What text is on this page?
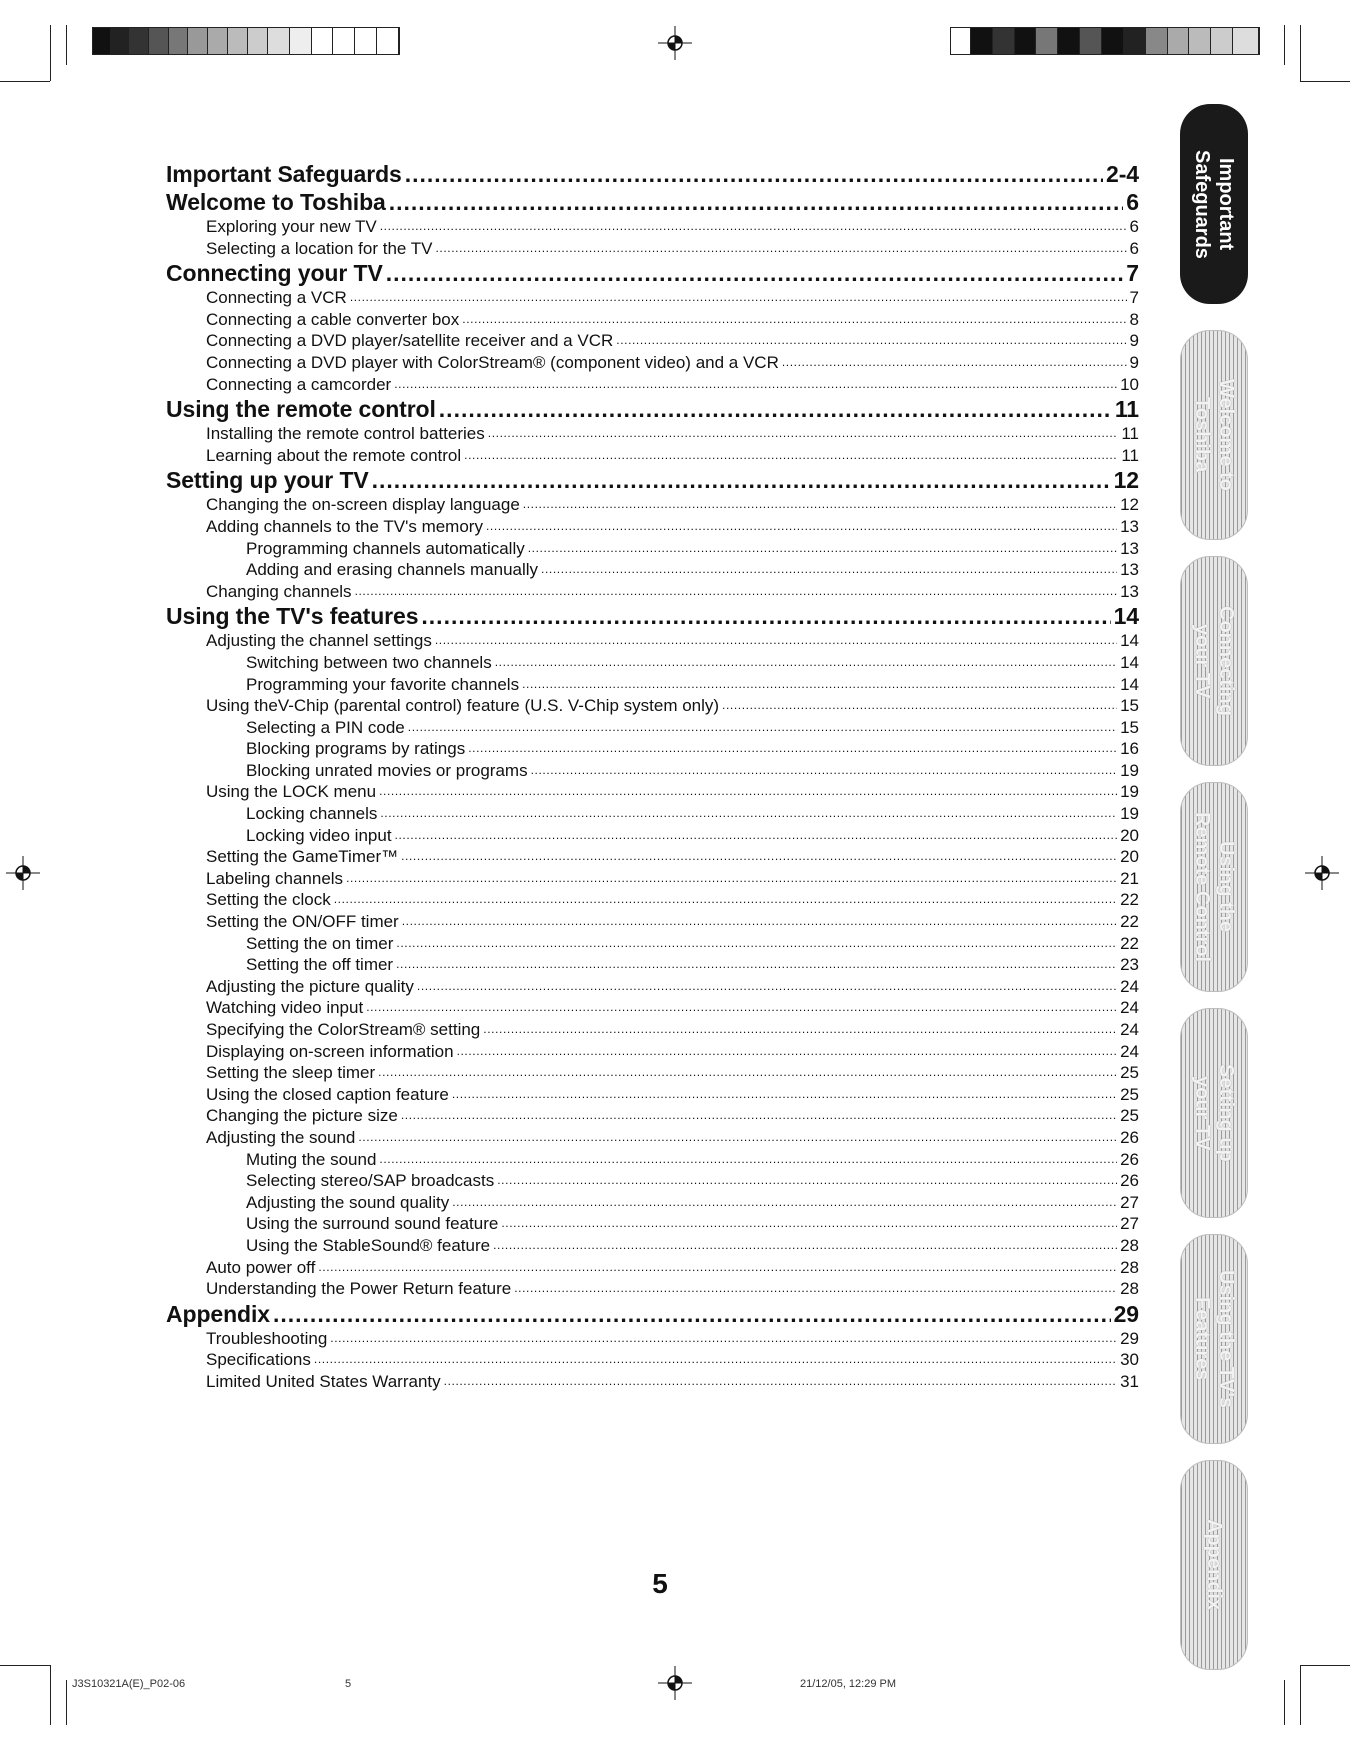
Important Safeguards .....	2-4
Welcome to Toshiba .....	6
Exploring your new TV .....	6
Selecting a location for the TV .....	6
Connecting your TV .....	7
Connecting a VCR .....	7
Connecting a cable converter box .....	8
Connecting a DVD player/satellite receiver and a VCR .....	9
Connecting a DVD player with ColorStream® (component video) and a VCR .....	9
Connecting a camcorder .....	10
Using the remote control .....	11
Installing the remote control batteries .....	11
Learning about the remote control .....	11
Setting up your TV .....	12
Changing the on-screen display language .....	12
Adding channels to the TV's memory .....	13
Programming channels automatically .....	13
Adding and erasing channels manually .....	13
Changing channels .....	13
Using the TV's features .....	14
Adjusting the channel settings .....	14
Switching between two channels .....	14
Programming your favorite channels .....	14
Using theV-Chip (parental control) feature (U.S. V-Chip system only) .....	15
Selecting a PIN code .....	15
Blocking programs by ratings .....	16
Blocking unrated movies or programs .....	19
Using the LOCK menu .....	19
Locking channels .....	19
Locking video input .....	20
Setting the GameTimer™ .....	20
Labeling channels .....	21
Setting the clock .....	22
Setting the ON/OFF timer .....	22
Setting the on timer .....	22
Setting the off timer .....	23
Adjusting the picture quality .....	24
Watching video input .....	24
Specifying the ColorStream® setting .....	24
Displaying on-screen information .....	24
Setting the sleep timer .....	25
Using the closed caption feature .....	25
Changing the picture size .....	25
Adjusting the sound .....	26
Muting the sound .....	26
Selecting stereo/SAP broadcasts .....	26
Adjusting the sound quality .....	27
Using the surround sound feature .....	27
Using the StableSound® feature .....	28
Auto power off .....	28
Understanding the Power Return feature .....	28
Appendix .....	29
Troubleshooting .....	29
Specifications .....	30
Limited United States Warranty .....	31
Important
Safeguards
Welcome to
Toshiba
Connecting
your TV
Using the
Remote Control
Setting up
your TV
Using the TV's
Features
Appendix
5
J3S10321A(E)_P02-06	5	21/12/05, 12:29 PM
